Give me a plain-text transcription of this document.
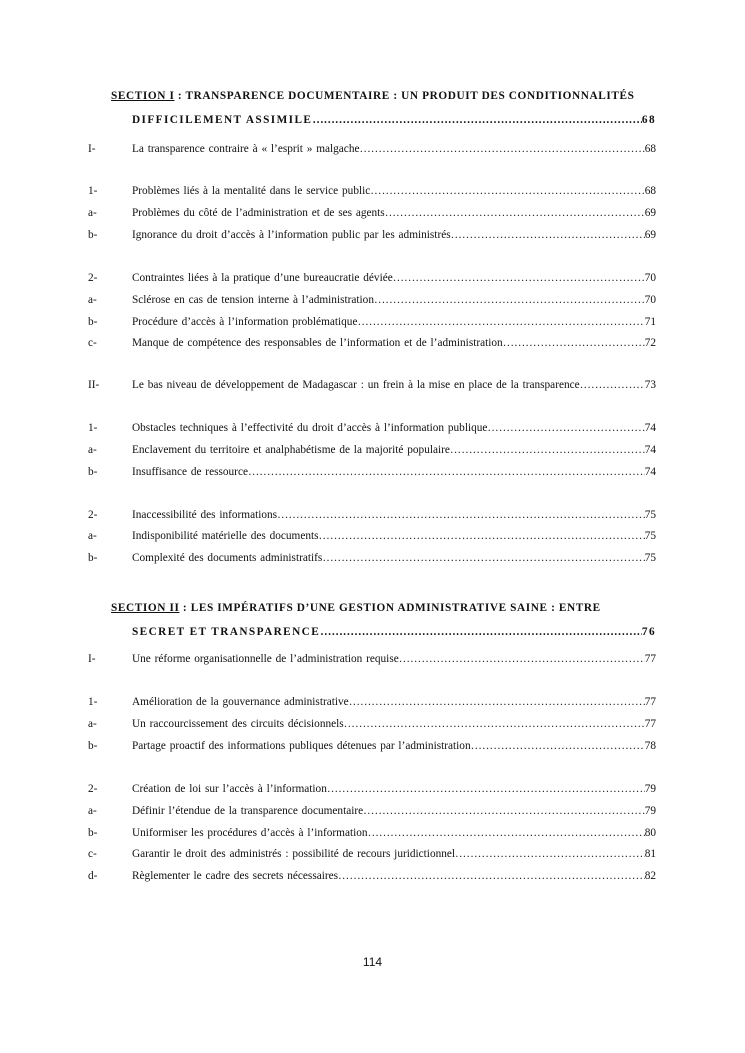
SECTION I : TRANSPARENCE DOCUMENTAIRE : UN PRODUIT DES CONDITIONNALITÉS
DIFFICILEMENT ASSIMILE ……………………………………………………………………………………………………………………	68
SECTION II : LES IMPÉRATIFS D’UNE GESTION ADMINISTRATIVE SAINE : ENTRE
SECRET ET TRANSPARENCE ……………………………………………………………………………………………………………………	76
I-	La transparence contraire à « l’esprit » malgache ………………………………………………………………………………………………………………………………………………………………………………	68
1-	Problèmes liés à la mentalité dans le service public ………………………………………………………………………………………………………………………………………………………………………………	68
a-	Problèmes du côté de l’administration et de ses agents ………………………………………………………………………………………………………………………………………………………………………………	69
b-	Ignorance du droit d’accès à l’information public par les administrés ………………………………………………………………………………………………………………………………………………………………………………	69
2-	Contraintes liées à la pratique d’une bureaucratie déviée ………………………………………………………………………………………………………………………………………………………………………………	70
a-	Sclérose en cas de tension interne à l’administration ………………………………………………………………………………………………………………………………………………………………………………	70
b-	Procédure d’accès à l’information problématique ………………………………………………………………………………………………………………………………………………………………………………	71
c-	Manque de compétence des responsables de l’information et de l’administration ………………………………………………………………………………………………………………………………………………………………………………	72
II-	Le bas niveau de développement de Madagascar : un frein à la mise en place de la transparence ………………………………………………………………………………………………………………………………………………………………………………	73
1-	Obstacles techniques à l’effectivité du droit d’accès à l’information publique ………………………………………………………………………………………………………………………………………………………………………………	74
a-	Enclavement du territoire et analphabétisme de la majorité populaire ………………………………………………………………………………………………………………………………………………………………………………	74
b-	Insuffisance de ressource ………………………………………………………………………………………………………………………………………………………………………………	74
2-	Inaccessibilité des informations ………………………………………………………………………………………………………………………………………………………………………………	75
a-	Indisponibilité matérielle des documents ………………………………………………………………………………………………………………………………………………………………………………	75
b-	Complexité des documents administratifs ………………………………………………………………………………………………………………………………………………………………………………	75
I-	Une réforme organisationnelle de l’administration requise ………………………………………………………………………………………………………………………………………………………………………………	77
1-	Amélioration de la gouvernance administrative ………………………………………………………………………………………………………………………………………………………………………………	77
a-	Un raccourcissement des circuits décisionnels ………………………………………………………………………………………………………………………………………………………………………………	77
b-	Partage proactif des informations publiques détenues par l’administration ………………………………………………………………………………………………………………………………………………………………………………	78
2-	Création de loi sur l’accès à l’information ………………………………………………………………………………………………………………………………………………………………………………	79
a-	Définir l’étendue de la transparence documentaire ………………………………………………………………………………………………………………………………………………………………………………	79
b-	Uniformiser les procédures d’accès à l’information ………………………………………………………………………………………………………………………………………………………………………………	80
c-	Garantir le droit des administrés : possibilité de recours juridictionnel ………………………………………………………………………………………………………………………………………………………………………………	81
d-	Règlementer le cadre des secrets nécessaires ………………………………………………………………………………………………………………………………………………………………………………	82
114
